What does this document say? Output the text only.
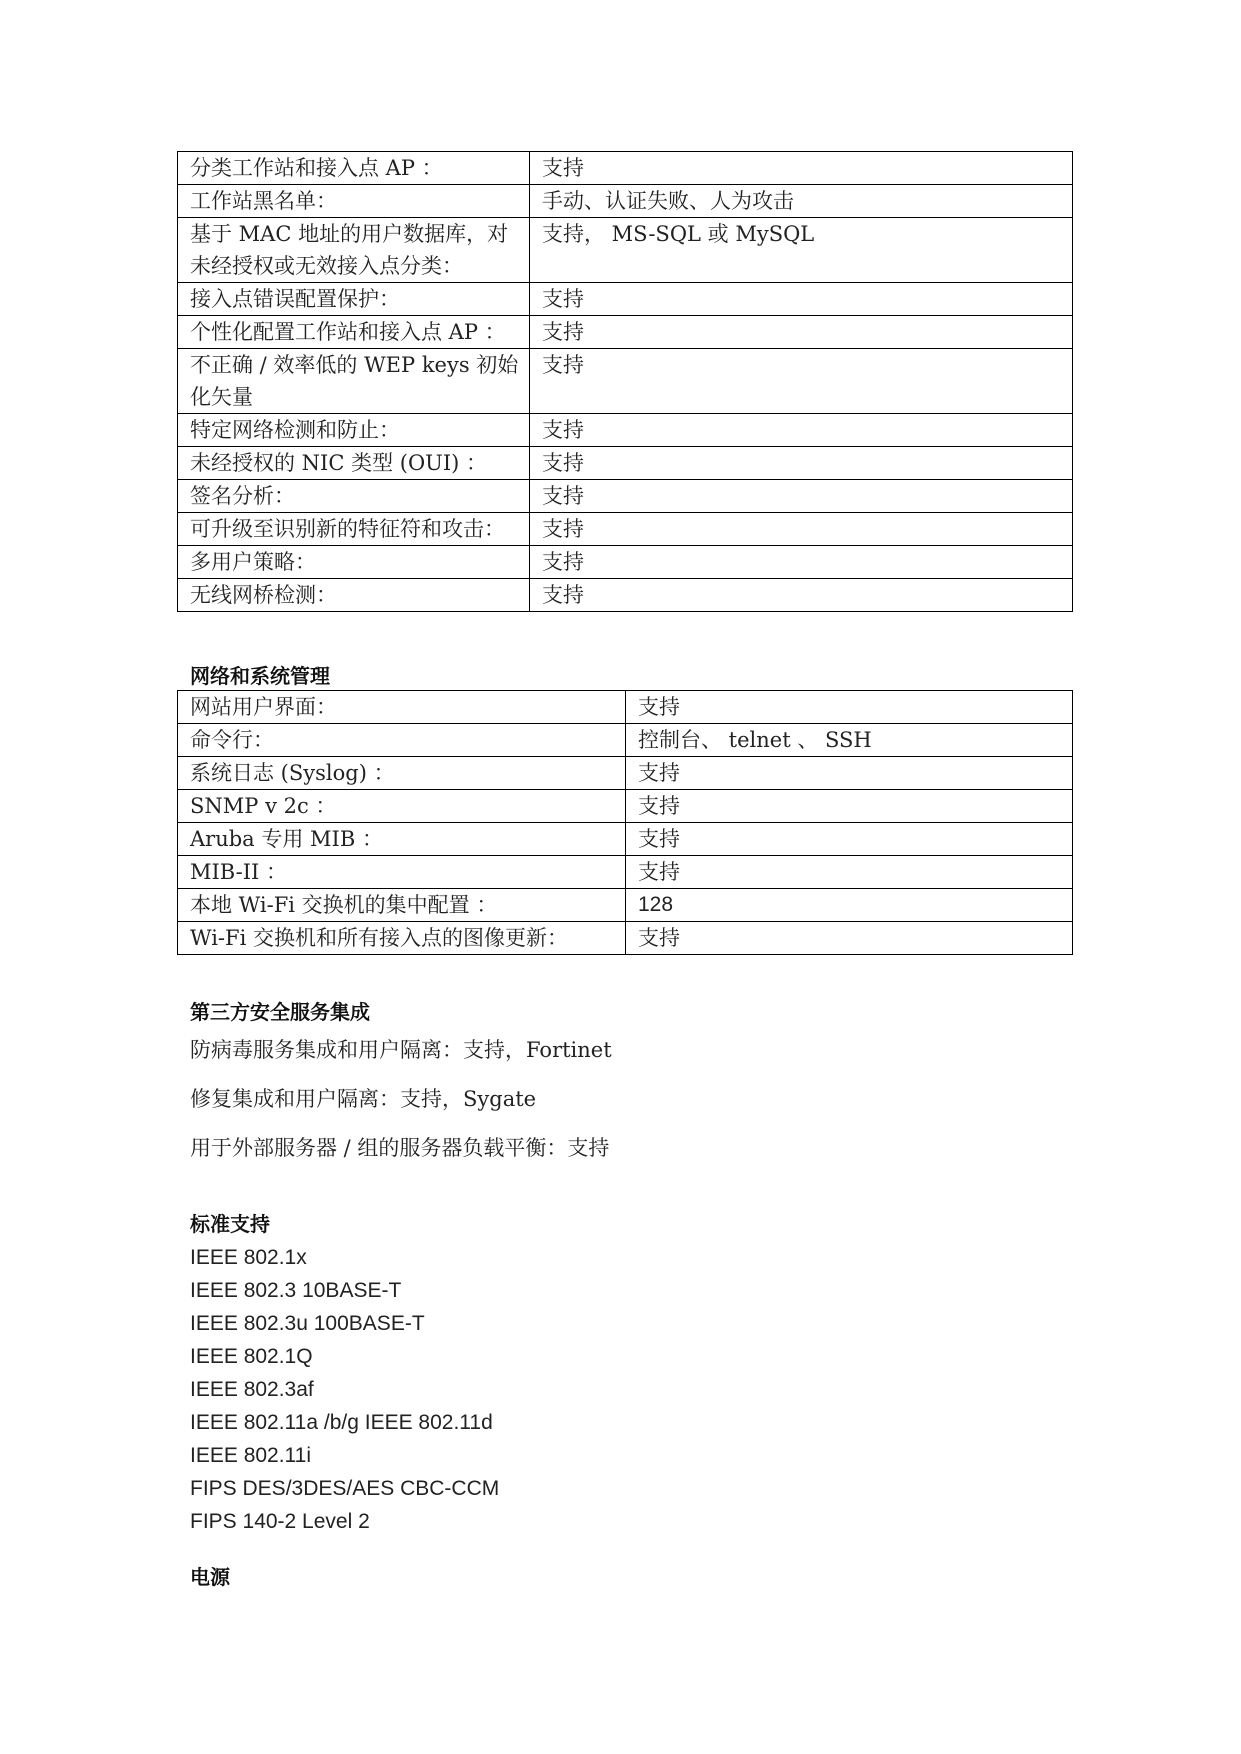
分类工作站和接入点 AP ：	支持
工作站黑名单：	手动、认证失败、人为攻击
基于 MAC 地址的用户数据库，对未经授权或无效接入点分类：	支持， MS-SQL 或 MySQL
接入点错误配置保护：	支持
个性化配置工作站和接入点 AP ：	支持
不正确 / 效率低的 WEP keys 初始化矢量	支持
特定网络检测和防止：	支持
未经授权的 NIC 类型 (OUI) ：	支持
签名分析：	支持
可升级至识别新的特征符和攻击：	支持
多用户策略：	支持
无线网桥检测：	支持
网络和系统管理
网站用户界面：	支持
命令行：	控制台、 telnet 、 SSH
系统日志 (Syslog) ：	支持
SNMP v 2c ：	支持
Aruba 专用 MIB ：	支持
MIB-II ：	支持
本地 Wi-Fi 交换机的集中配置 ：	128
Wi-Fi 交换机和所有接入点的图像更新：	支持
第三方安全服务集成

防病毒服务集成和用户隔离：支持，Fortinet

修复集成和用户隔离：支持，Sygate

用于外部服务器 / 组的服务器负载平衡：支持

标准支持
IEEE 802.1x
IEEE 802.3 10BASE-T
IEEE 802.3u 100BASE-T
IEEE 802.1Q
IEEE 802.3af
IEEE 802.11a /b/g IEEE 802.11d
IEEE 802.11i
FIPS DES/3DES/AES CBC-CCM
FIPS 140-2 Level 2
电源
